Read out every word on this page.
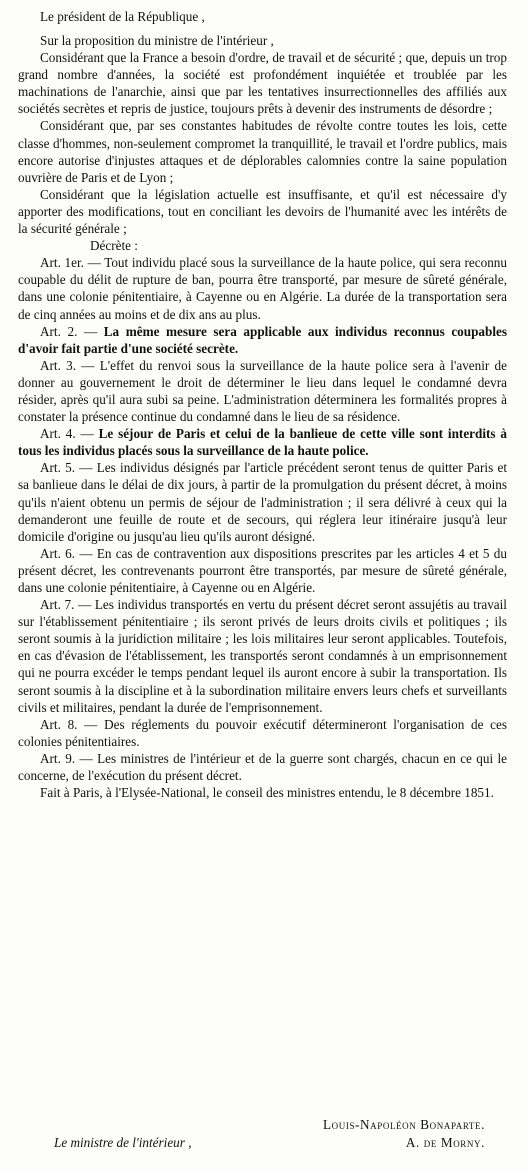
Le président de la République ,

Sur la proposition du ministre de l'intérieur ,

Considérant que la France a besoin d'ordre, de travail et de sécurité ; que, depuis un trop grand nombre d'années, la société est profondément inquiétée et troublée par les machinations de l'anarchie, ainsi que par les tentatives insurrectionnelles des affiliés aux sociétés secrètes et repris de justice, toujours prêts à devenir des instruments de désordre ;

Considérant que, par ses constantes habitudes de révolte contre toutes les lois, cette classe d'hommes, non-seulement compromet la tranquillité, le travail et l'ordre publics, mais encore autorise d'injustes attaques et de déplorables calomnies contre la saine population ouvrière de Paris et de Lyon ;

Considérant que la législation actuelle est insuffisante, et qu'il est nécessaire d'y apporter des modifications, tout en conciliant les devoirs de l'humanité avec les intérêts de la sécurité générale ;

Décrète :

Art. 1er. — Tout individu placé sous la surveillance de la haute police, qui sera reconnu coupable du délit de rupture de ban, pourra être transporté, par mesure de sûreté générale, dans une colonie pénitentiaire, à Cayenne ou en Algérie. La durée de la transportation sera de cinq années au moins et de dix ans au plus.

Art. 2. — La même mesure sera applicable aux individus reconnus coupables d'avoir fait partie d'une société secrète.

Art. 3. — L'effet du renvoi sous la surveillance de la haute police sera à l'avenir de donner au gouvernement le droit de déterminer le lieu dans lequel le condamné devra résider, après qu'il aura subi sa peine. L'administration déterminera les formalités propres à constater la présence continue du condamné dans le lieu de sa résidence.

Art. 4. — Le séjour de Paris et celui de la banlieue de cette ville sont interdits à tous les individus placés sous la surveillance de la haute police.

Art. 5. — Les individus désignés par l'article précédent seront tenus de quitter Paris et sa banlieue dans le délai de dix jours, à partir de la promulgation du présent décret, à moins qu'ils n'aient obtenu un permis de séjour de l'administration ; il sera délivré à ceux qui la demanderont une feuille de route et de secours, qui réglera leur itinéraire jusqu'à leur domicile d'origine ou jusqu'au lieu qu'ils auront désigné.

Art. 6. — En cas de contravention aux dispositions prescrites par les articles 4 et 5 du présent décret, les contrevenants pourront être transportés, par mesure de sûreté générale, dans une colonie pénitentiaire, à Cayenne ou en Algérie.

Art. 7. — Les individus transportés en vertu du présent décret seront assujétis au travail sur l'établissement pénitentiaire ; ils seront privés de leurs droits civils et politiques ; ils seront soumis à la juridiction militaire ; les lois militaires leur seront applicables. Toutefois, en cas d'évasion de l'établissement, les transportés seront condamnés à un emprisonnement qui ne pourra excéder le temps pendant lequel ils auront encore à subir la transportation. Ils seront soumis à la discipline et à la subordination militaire envers leurs chefs et surveillants civils et militaires, pendant la durée de l'emprisonnement.

Art. 8. — Des réglements du pouvoir exécutif détermineront l'organisation de ces colonies pénitentiaires.

Art. 9. — Les ministres de l'intérieur et de la guerre sont chargés, chacun en ce qui le concerne, de l'exécution du présent décret.

Fait à Paris, à l'Elysée-National, le conseil des ministres entendu, le 8 décembre 1851.

Louis-Napoléon Bonaparte.
Le ministre de l'intérieur ,	A. de Morny.
